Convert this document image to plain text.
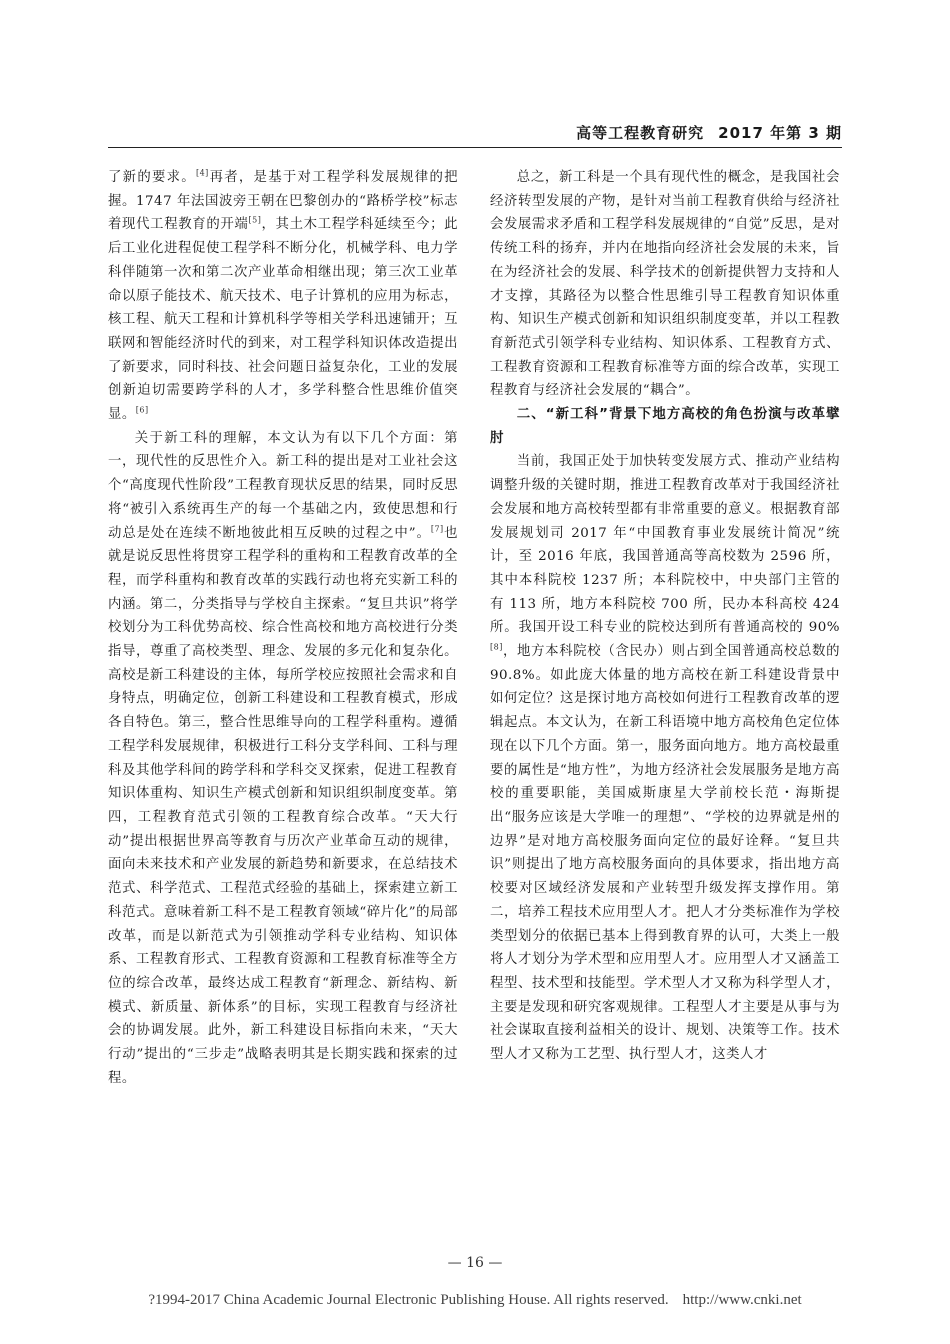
高等工程教育研究 2017 年第 3 期

了新的要求。[4]再者，是基于对工程学科发展规律的把握。1747 年法国波旁王朝在巴黎创办的“路桥学校”标志着现代工程教育的开端[5]，其土木工程学科延续至今；此后工业化进程促使工程学科不断分化，机械学科、电力学科伴随第一次和第二次产业革命相继出现；第三次工业革命以原子能技术、航天技术、电子计算机的应用为标志，核工程、航天工程和计算机科学等相关学科迅速铺开；互联网和智能经济时代的到来，对工程学科知识体改造提出了新要求，同时科技、社会问题日益复杂化，工业的发展创新迫切需要跨学科的人才，多学科整合性思维价值突显。[6]

关于新工科的理解，本文认为有以下几个方面：第一，现代性的反思性介入。新工科的提出是对工业社会这个“高度现代性阶段”工程教育现状反思的结果，同时反思将“被引入系统再生产的每一个基础之内，致使思想和行动总是处在连续不断地彼此相互反映的过程之中”。[7]也就是说反思性将贯穿工程学科的重构和工程教育改革的全程，而学科重构和教育改革的实践行动也将充实新工科的内涵。第二，分类指导与学校自主探索。“复旦共识”将学校划分为工科优势高校、综合性高校和地方高校进行分类指导，尊重了高校类型、理念、发展的多元化和复杂化。高校是新工科建设的主体，每所学校应按照社会需求和自身特点，明确定位，创新工科建设和工程教育模式，形成各自特色。第三，整合性思维导向的工程学科重构。遵循工程学科发展规律，积极进行工科分支学科间、工科与理科及其他学科间的跨学科和学科交叉探索，促进工程教育知识体重构、知识生产模式创新和知识组织制度变革。第四，工程教育范式引领的工程教育综合改革。“天大行动”提出根据世界高等教育与历次产业革命互动的规律，面向未来技术和产业发展的新趋势和新要求，在总结技术范式、科学范式、工程范式经验的基础上，探索建立新工科范式。意味着新工科不是工程教育领域“碎片化”的局部改革，而是以新范式为引领推动学科专业结构、知识体系、工程教育形式、工程教育资源和工程教育标准等全方位的综合改革，最终达成工程教育“新理念、新结构、新模式、新质量、新体系”的目标，实现工程教育与经济社会的协调发展。此外，新工科建设目标指向未来，“天大行动”提出的“三步走”战略表明其是长期实践和探索的过程。

总之，新工科是一个具有现代性的概念，是我国社会经济转型发展的产物，是针对当前工程教育供给与经济社会发展需求矛盾和工程学科发展规律的“自觉”反思，是对传统工科的扬弃，并内在地指向经济社会发展的未来，旨在为经济社会的发展、科学技术的创新提供智力支持和人才支撑，其路径为以整合性思维引导工程教育知识体重构、知识生产模式创新和知识组织制度变革，并以工程教育新范式引领学科专业结构、知识体系、工程教育方式、工程教育资源和工程教育标准等方面的综合改革，实现工程教育与经济社会发展的“耦合”。

二、“新工科”背景下地方高校的角色扮演与改革擘肘

当前，我国正处于加快转变发展方式、推动产业结构调整升级的关键时期，推进工程教育改革对于我国经济社会发展和地方高校转型都有非常重要的意义。根据教育部发展规划司 2017 年“中国教育事业发展统计简况”统计，至 2016 年底，我国普通高等高校数为 2596 所，其中本科院校 1237 所；本科院校中，中央部门主管的有 113 所，地方本科院校 700 所，民办本科高校 424 所。我国开设工科专业的院校达到所有普通高校的 90%[8]，地方本科院校（含民办）则占到全国普通高校总数的 90.8%。如此庞大体量的地方高校在新工科建设背景中如何定位？这是探讨地方高校如何进行工程教育改革的逻辑起点。本文认为，在新工科语境中地方高校角色定位体现在以下几个方面。第一，服务面向地方。地方高校最重要的属性是“地方性”，为地方经济社会发展服务是地方高校的重要职能，美国威斯康星大学前校长范・海斯提出“服务应该是大学唯一的理想”、“学校的边界就是州的边界”是对地方高校服务面向定位的最好诠释。“复旦共识”则提出了地方高校服务面向的具体要求，指出地方高校要对区域经济发展和产业转型升级发挥支撑作用。第二，培养工程技术应用型人才。把人才分类标准作为学校类型划分的依据已基本上得到教育界的认可，大类上一般将人才划分为学术型和应用型人才。应用型人才又涵盖工程型、技术型和技能型。学术型人才又称为科学型人才，主要是发现和研究客观规律。工程型人才主要是从事与为社会谋取直接利益相关的设计、规划、决策等工作。技术型人才又称为工艺型、执行型人才，这类人才

— 16 —
?1994-2017 China Academic Journal Electronic Publishing House. All rights reserved. http://www.cnki.net
